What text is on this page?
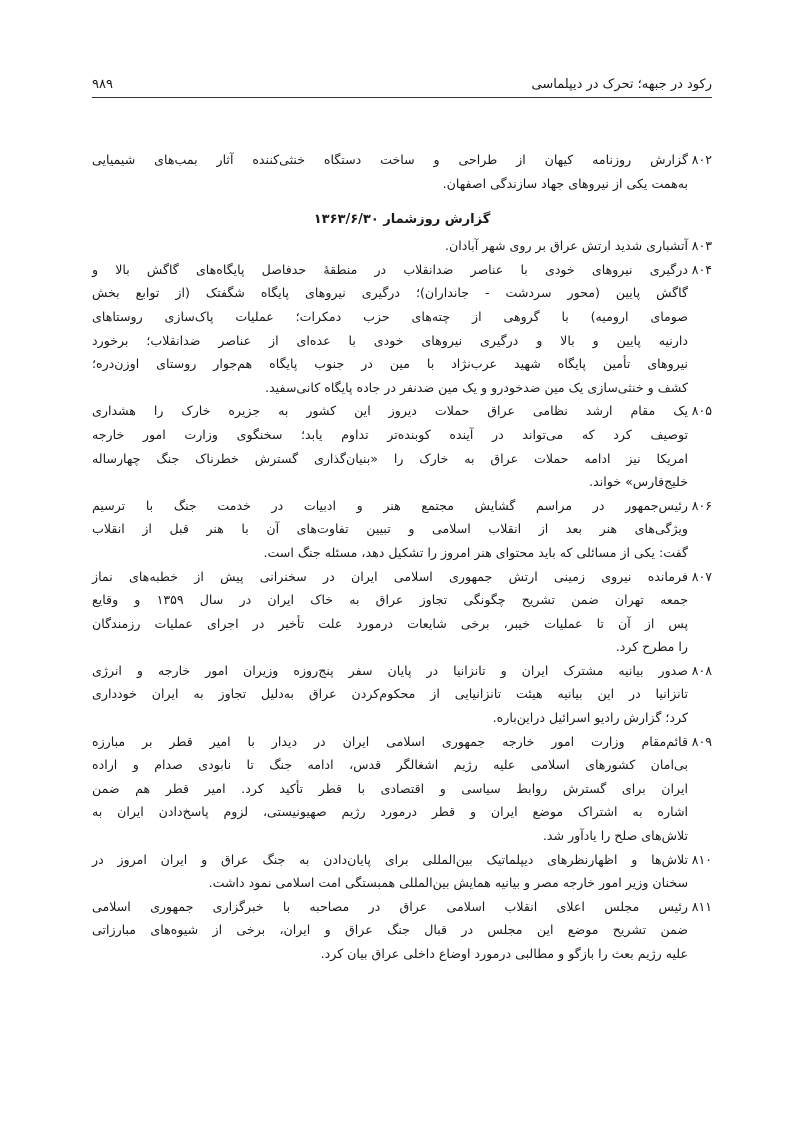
رکود در جبهه؛ تحرک در دیپلماسی
۹۸۹
۸۰۲
گزارش روزنامه کیهان از طراحی و ساخت دستگاه خنثی‌کننده آثار بمب‌های شیمیایی
به‌همت یکی از نیروهای جهاد سازندگی اصفهان.
گزارش روزشمار ۱۳۶۳/۶/۳۰
۸۰۳
آتشباری شدید ارتش عراق بر روی شهر آبادان.
۸۰۴
درگیری نیروهای خودی با عناصر ضدانقلاب در منطقهٔ حدفاصل پایگاه‌های گاگش بالا و
گاگش پایین (محور سردشت - جانداران)؛ درگیری نیروهای پایگاه شگفتک (از توابع بخش
صومای ارومیه) با گروهی از چته‌های حزب دمکرات؛ عملیات پاک‌سازی روستاهای
دارنیه پایین و بالا و درگیری نیروهای خودی با عده‌ای از عناصر ضدانقلاب؛ برخورد
نیروهای تأمین پایگاه شهید عرب‌نژاد با مین در جنوب پایگاه هم‌جوار روستای اوزن‌دره؛
کشف و خنثی‌سازی یک مین ضدخودرو و یک مین ضدنفر در جاده پایگاه کانی‌سفید.
۸۰۵
یک مقام ارشد نظامی عراق حملات دیروز این کشور به جزیره خارک را هشداری
توصیف کرد که می‌تواند در آینده کوبنده‌تر تداوم یابد؛ سخنگوی وزارت امور خارجه
امریکا نیز ادامه حملات عراق به خارک را «بنیان‌گذاری گسترش خطرناک جنگ چهارساله
خلیج‌فارس» خواند.
۸۰۶
رئیس‌جمهور در مراسم گشایش مجتمع هنر و ادبیات در خدمت جنگ با ترسیم
ویژگی‌های هنر بعد از انقلاب اسلامی و تبیین تفاوت‌های آن با هنر قبل از انقلاب
گفت: یکی از مسائلی که باید محتوای هنر امروز را تشکیل دهد، مسئله جنگ است.
۸۰۷
فرمانده نیروی زمینی ارتش جمهوری اسلامی ایران در سخنرانی پیش از خطبه‌های نماز
جمعه تهران ضمن تشریح چگونگی تجاوز عراق به خاک ایران در سال ۱۳۵۹ و وقایع
پس از آن تا عملیات خیبر، برخی شایعات درمورد علت تأخیر در اجرای عملیات رزمندگان
را مطرح کرد.
۸۰۸
صدور بیانیه مشترک ایران و تانزانیا در پایان سفر پنج‌روزه وزیران امور خارجه و انرژی
تانزانیا در این بیانیه هیئت تانزانیایی از محکوم‌کردن عراق به‌دلیل تجاوز به ایران خودداری
کرد؛ گزارش رادیو اسرائیل دراین‌باره.
۸۰۹
قائم‌مقام وزارت امور خارجه جمهوری اسلامی ایران در دیدار با امیر قطر بر مبارزه
بی‌امان کشورهای اسلامی علیه رژیم اشغالگر قدس، ادامه جنگ تا نابودی صدام و اراده
ایران برای گسترش روابط سیاسی و اقتصادی با قطر تأکید کرد. امیر قطر هم ضمن
اشاره به اشتراک موضع ایران و قطر درمورد رژیم صهیونیستی، لزوم پاسخ‌دادن ایران به
تلاش‌های صلح را یادآور شد.
۸۱۰
تلاش‌ها و اظهارنظرهای دیپلماتیک بین‌المللی برای پایان‌دادن به جنگ عراق و ایران امروز در
سخنان وزیر امور خارجه مصر و بیانیه همایش بین‌المللی همبستگی امت اسلامی نمود داشت.
۸۱۱
رئیس مجلس اعلای انقلاب اسلامی عراق در مصاحبه با خبرگزاری جمهوری اسلامی
ضمن تشریح موضع این مجلس در قبال جنگ عراق و ایران، برخی از شیوه‌های مبارزاتی
علیه رژیم بعث را بازگو و مطالبی درمورد اوضاع داخلی عراق بیان کرد.
